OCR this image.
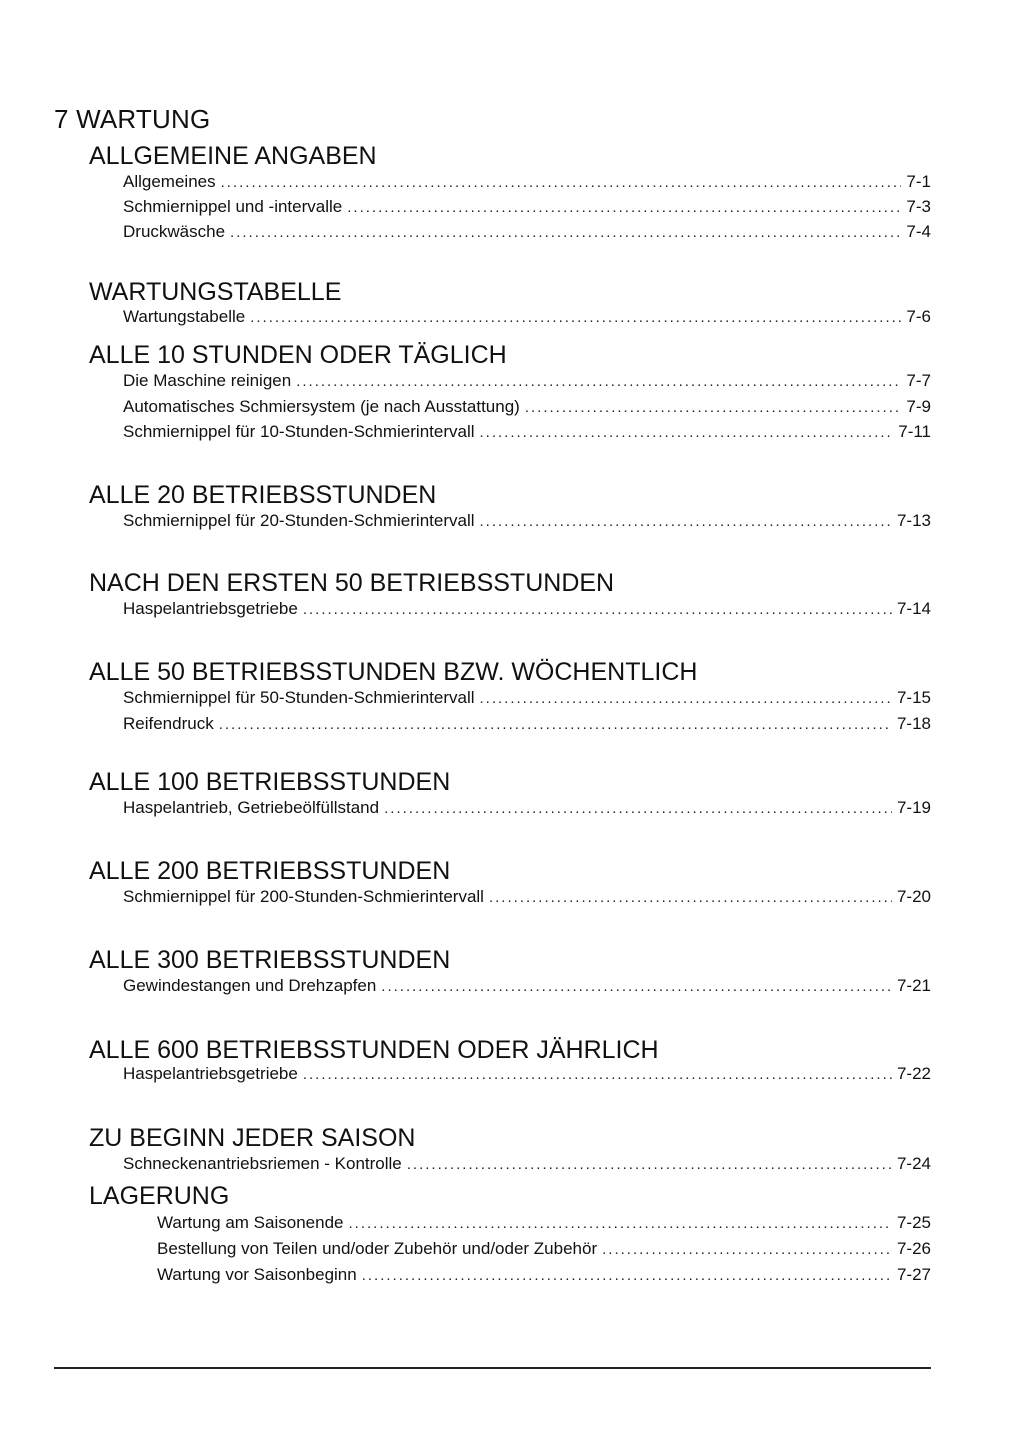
7 WARTUNG
ALLGEMEINE ANGABEN
Allgemeines .....	7-1
Schmiernippel und -intervalle .....	7-3
Druckwäsche .....	7-4
WARTUNGSTABELLE
Wartungstabelle .....	7-6
ALLE 10 STUNDEN ODER TÄGLICH
Die Maschine reinigen .....	7-7
Automatisches Schmiersystem (je nach Ausstattung) .....	7-9
Schmiernippel für 10-Stunden-Schmierintervall .....	7-11
ALLE 20 BETRIEBSSTUNDEN
Schmiernippel für 20-Stunden-Schmierintervall .....	7-13
NACH DEN ERSTEN 50 BETRIEBSSTUNDEN
Haspelantriebsgetriebe .....	7-14
ALLE 50 BETRIEBSSTUNDEN BZW. WÖCHENTLICH
Schmiernippel für 50-Stunden-Schmierintervall .....	7-15
Reifendruck .....	7-18
ALLE 100 BETRIEBSSTUNDEN
Haspelantrieb, Getriebeölfüllstand .....	7-19
ALLE 200 BETRIEBSSTUNDEN
Schmiernippel für 200-Stunden-Schmierintervall .....	7-20
ALLE 300 BETRIEBSSTUNDEN
Gewindestangen und Drehzapfen .....	7-21
ALLE 600 BETRIEBSSTUNDEN ODER JÄHRLICH
Haspelantriebsgetriebe .....	7-22
ZU BEGINN JEDER SAISON
Schneckenantriebsriemen - Kontrolle .....	7-24
LAGERUNG
Wartung am Saisonende .....	7-25
Bestellung von Teilen und/oder Zubehör und/oder Zubehör .....	7-26
Wartung vor Saisonbeginn .....	7-27
